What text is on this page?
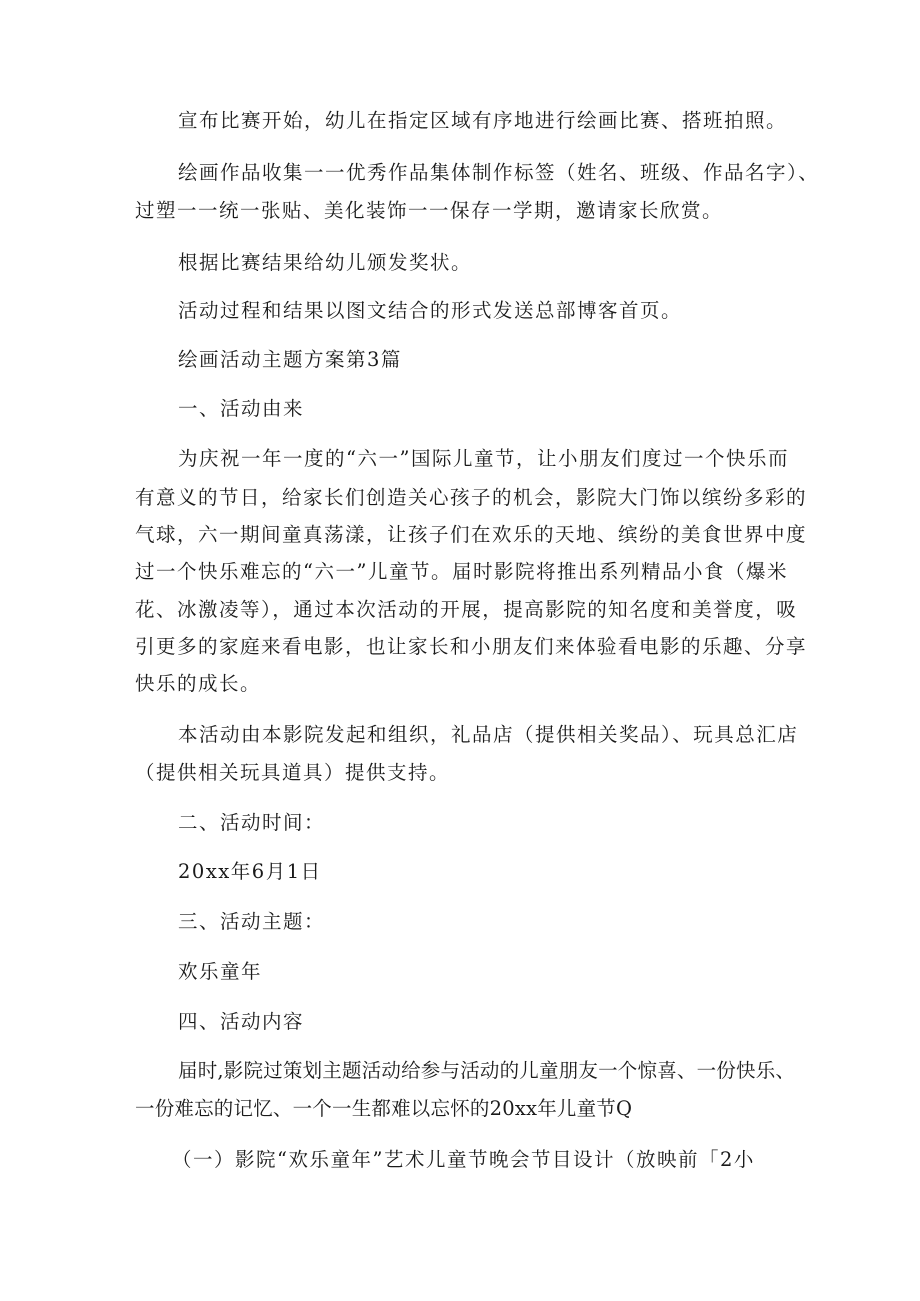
宣布比赛开始，幼儿在指定区域有序地进行绘画比赛、搭班拍照。
绘画作品收集一一优秀作品集体制作标签（姓名、班级、作品名字）、
过塑一一统一张贴、美化装饰一一保存一学期，邀请家长欣赏。
根据比赛结果给幼儿颁发奖状。
活动过程和结果以图文结合的形式发送总部博客首页。
绘画活动主题方案第3篇
一、活动由来
为庆祝一年一度的“六一”国际儿童节，让小朋友们度过一个快乐而
有意义的节日，给家长们创造关心孩子的机会，影院大门饰以缤纷多彩的
气球，六一期间童真荡漾，让孩子们在欢乐的天地、缤纷的美食世界中度
过一个快乐难忘的“六一”儿童节。届时影院将推出系列精品小食（爆米
花、冰激凌等），通过本次活动的开展，提高影院的知名度和美誉度，吸
引更多的家庭来看电影，也让家长和小朋友们来体验看电影的乐趣、分享
快乐的成长。
本活动由本影院发起和组织，礼品店（提供相关奖品）、玩具总汇店
（提供相关玩具道具）提供支持。
二、活动时间：
20xx年6月1日
三、活动主题：
欢乐童年
四、活动内容
届时,影院过策划主题活动给参与活动的儿童朋友一个惊喜、一份快乐、
一份难忘的记忆、一个一生都难以忘怀的20xx年儿童节Q
（一）影院“欢乐童年”艺术儿童节晚会节目设计（放映前「2小
